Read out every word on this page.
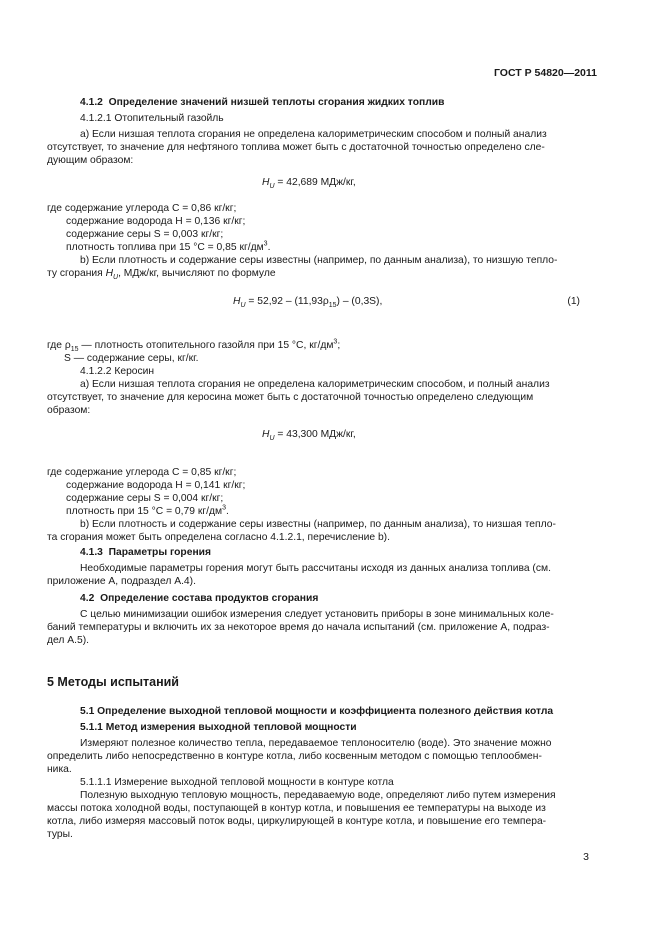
ГОСТ Р 54820—2011
4.1.2 Определение значений низшей теплоты сгорания жидких топлив
4.1.2.1 Отопительный газойль
а) Если низшая теплота сгорания не определена калориметрическим способом и полный анализ
отсутствует, то значение для нефтяного топлива может быть с достаточной точностью определено сле-
дующим образом:
$H_U = 42,689$ МДж/кг,
где содержание углерода С = 0,86 кг/кг;
содержание водорода Н = 0,136 кг/кг;
содержание серы S = 0,003 кг/кг;
плотность топлива при 15 °С = 0,85 $кг/дм^3$.
b) Если плотность и содержание серы известны (например, по данным анализа), то низшую тепло-
ту сгорания $H_U$, МДж/кг, вычисляют по формуле
$H_U = 52,92 - (11,93\rho_{15}) - (0,3S)$,	(1)
где $\rho_{15}$ — плотность отопительного газойля при 15 °С, $кг/дм^3$;
S — содержание серы, кг/кг.
4.1.2.2 Керосин
а) Если низшая теплота сгорания не определена калориметрическим способом, и полный анализ
отсутствует, то значение для керосина может быть с достаточной точностью определено следующим
образом:
$H_U = 43,300$ МДж/кг,
где содержание углерода С = 0,85 кг/кг;
содержание водорода Н = 0,141 кг/кг;
содержание серы S = 0,004 кг/кг;
плотность при 15 °С = 0,79 $кг/дм^3$.
b) Если плотность и содержание серы известны (например, по данным анализа), то низшая тепло-
та сгорания может быть определена согласно 4.1.2.1, перечисление b).
4.1.3 Параметры горения
Необходимые параметры горения могут быть рассчитаны исходя из данных анализа топлива (см.
приложение А, подраздел А.4).
4.2 Определение состава продуктов сгорания
С целью минимизации ошибок измерения следует установить приборы в зоне минимальных коле-
баний температуры и включить их за некоторое время до начала испытаний (см. приложение А, подраз-
дел А.5).
5 Методы испытаний
5.1 Определение выходной тепловой мощности и коэффициента полезного действия котла
5.1.1 Метод измерения выходной тепловой мощности
Измеряют полезное количество тепла, передаваемое теплоносителю (воде). Это значение можно
определить либо непосредственно в контуре котла, либо косвенным методом с помощью теплообмен-
ника.
5.1.1.1 Измерение выходной тепловой мощности в контуре котла
Полезную выходную тепловую мощность, передаваемую воде, определяют либо путем измерения
массы потока холодной воды, поступающей в контур котла, и повышения ее температуры на выходе из
котла, либо измеряя массовый поток воды, циркулирующей в контуре котла, и повышение его темпера-
туры.
3
